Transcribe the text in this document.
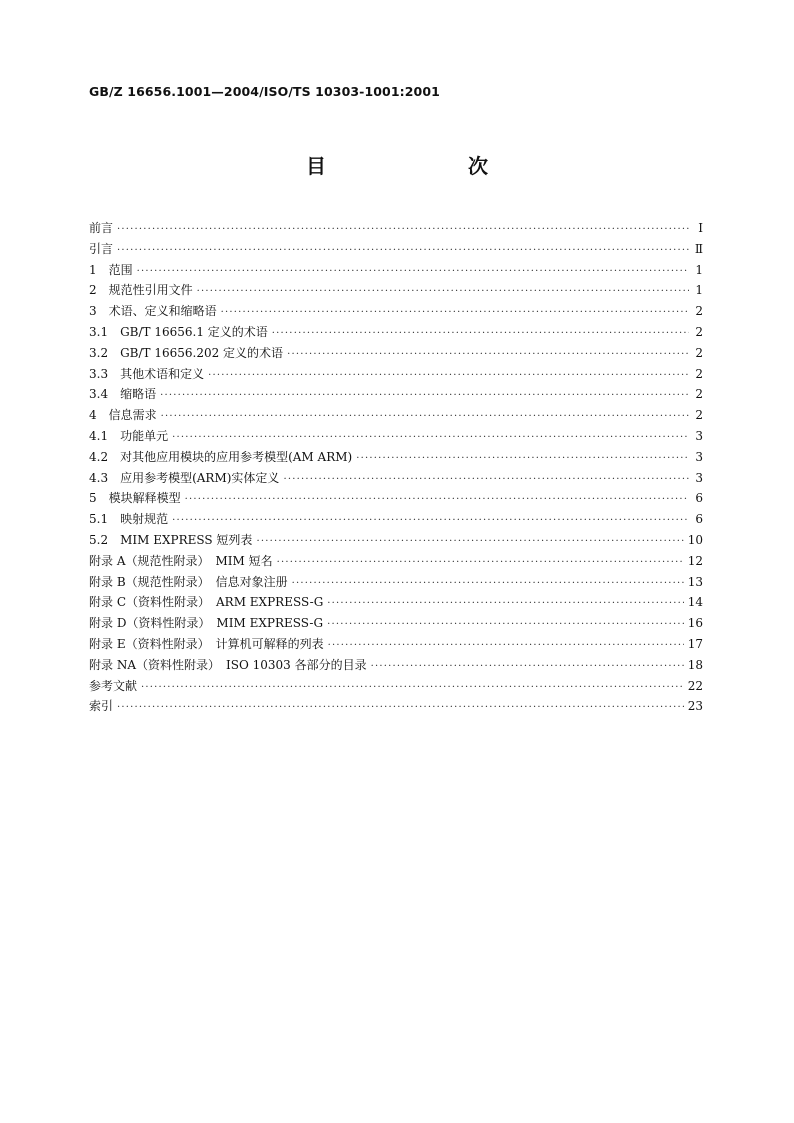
GB/Z 16656.1001—2004/ISO/TS 10303-1001:2001
目　　次
前言 ·····	Ⅰ
引言 ·····	Ⅱ
1　范围 ·····	1
2　规范性引用文件 ·····	1
3　术语、定义和缩略语 ·····	2
3.1　GB/T 16656.1 定义的术语 ·····	2
3.2　GB/T 16656.202 定义的术语 ·····	2
3.3　其他术语和定义 ·····	2
3.4　缩略语 ·····	2
4　信息需求 ·····	2
4.1　功能单元 ·····	3
4.2　对其他应用模块的应用参考模型(AM ARM) ·····	3
4.3　应用参考模型(ARM)实体定义 ·····	3
5　模块解释模型 ·····	6
5.1　映射规范 ·····	6
5.2　MIM EXPRESS 短列表 ·····	10
附录 A（规范性附录）　MIM 短名 ·····	12
附录 B（规范性附录）　信息对象注册 ·····	13
附录 C（资料性附录）　ARM EXPRESS-G ·····	14
附录 D（资料性附录）　MIM EXPRESS-G ·····	16
附录 E（资料性附录）　计算机可解释的列表 ·····	17
附录 NA（资料性附录）　ISO 10303 各部分的目录 ·····	18
参考文献 ·····	22
索引 ·····	23
